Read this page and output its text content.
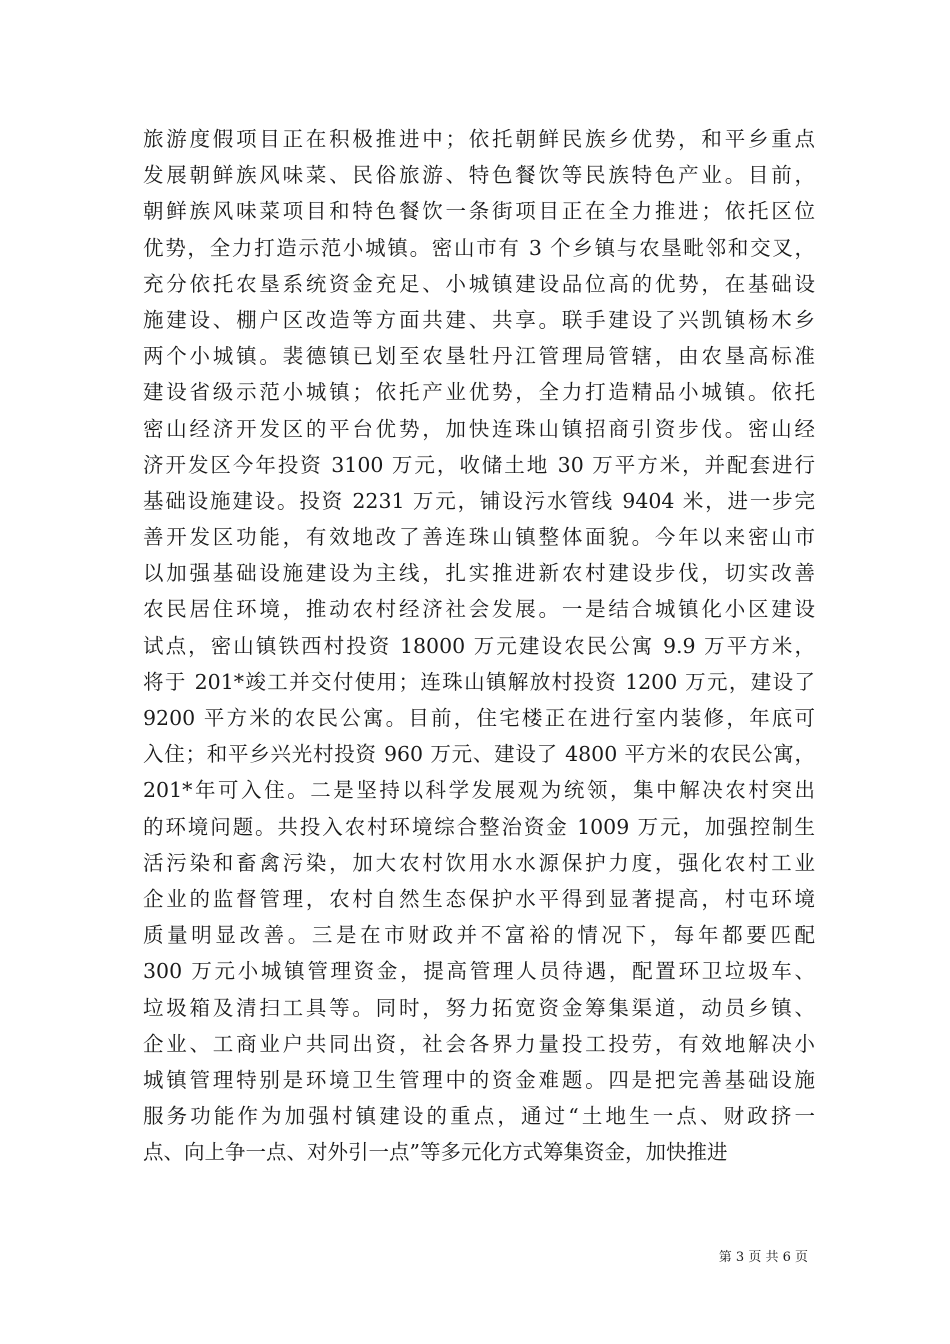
旅游度假项目正在积极推进中；依托朝鲜民族乡优势，和平乡重点
发展朝鲜族风味菜、民俗旅游、特色餐饮等民族特色产业。目前，
朝鲜族风味菜项目和特色餐饮一条街项目正在全力推进；依托区位
优势，全力打造示范小城镇。密山市有 3 个乡镇与农垦毗邻和交叉，
充分依托农垦系统资金充足、小城镇建设品位高的优势，在基础设
施建设、棚户区改造等方面共建、共享。联手建设了兴凯镇杨木乡
两个小城镇。裴德镇已划至农垦牡丹江管理局管辖，由农垦高标准
建设省级示范小城镇；依托产业优势，全力打造精品小城镇。依托
密山经济开发区的平台优势，加快连珠山镇招商引资步伐。密山经
济开发区今年投资 3100 万元，收储土地 30 万平方米，并配套进行
基础设施建设。投资 2231 万元，铺设污水管线 9404 米，进一步完
善开发区功能，有效地改了善连珠山镇整体面貌。今年以来密山市
以加强基础设施建设为主线，扎实推进新农村建设步伐，切实改善
农民居住环境，推动农村经济社会发展。一是结合城镇化小区建设
试点，密山镇铁西村投资 18000 万元建设农民公寓 9.9 万平方米，
将于 201*竣工并交付使用；连珠山镇解放村投资 1200 万元，建设了
9200 平方米的农民公寓。目前，住宅楼正在进行室内装修，年底可
入住；和平乡兴光村投资 960 万元、建设了 4800 平方米的农民公寓，
201*年可入住。二是坚持以科学发展观为统领，集中解决农村突出
的环境问题。共投入农村环境综合整治资金 1009 万元，加强控制生
活污染和畜禽污染，加大农村饮用水水源保护力度，强化农村工业
企业的监督管理，农村自然生态保护水平得到显著提高，村屯环境
质量明显改善。三是在市财政并不富裕的情况下，每年都要匹配
300 万元小城镇管理资金，提高管理人员待遇，配置环卫垃圾车、
垃圾箱及清扫工具等。同时，努力拓宽资金筹集渠道，动员乡镇、
企业、工商业户共同出资，社会各界力量投工投劳，有效地解决小
城镇管理特别是环境卫生管理中的资金难题。四是把完善基础设施
服务功能作为加强村镇建设的重点，通过“土地生一点、财政挤一
点、向上争一点、对外引一点”等多元化方式筹集资金，加快推进
第 3 页 共 6 页
